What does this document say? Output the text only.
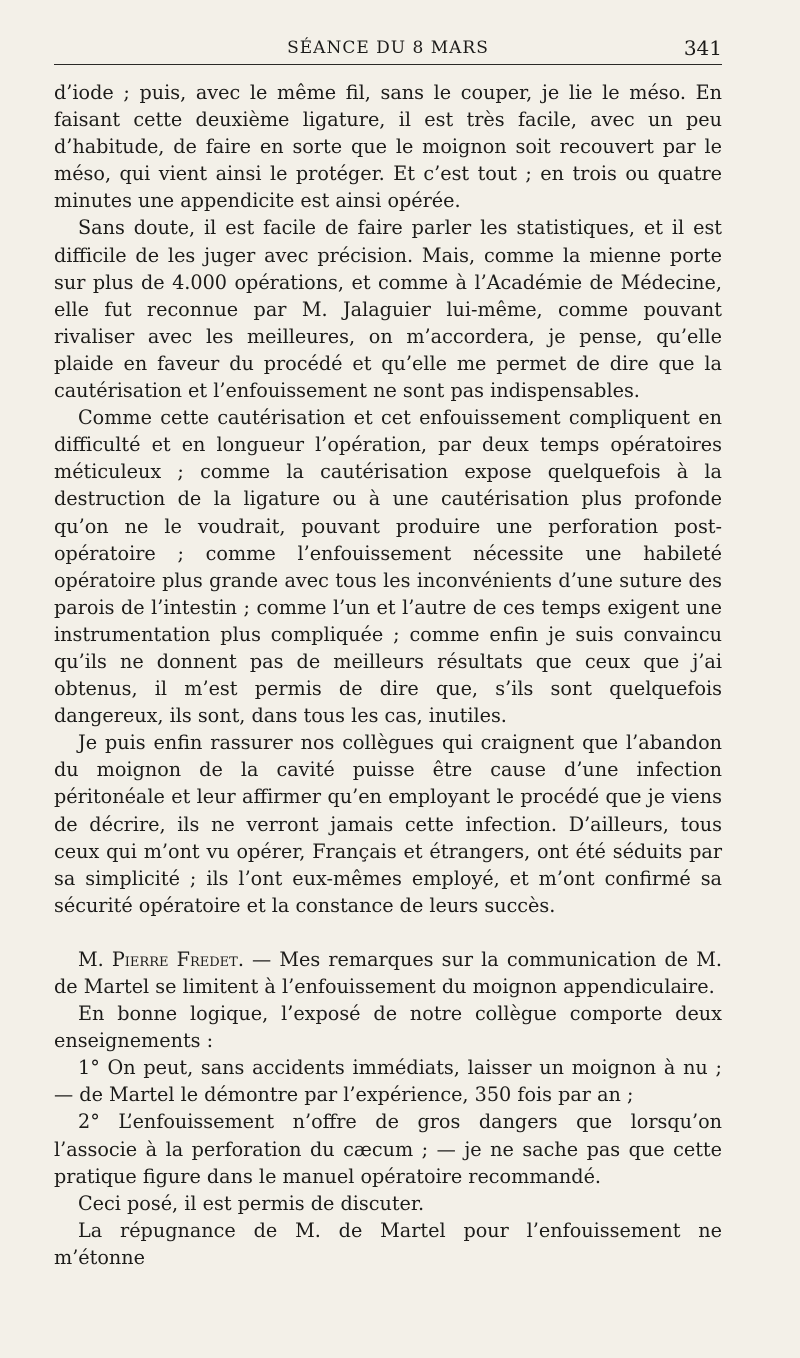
SÉANCE DU 8 MARS	341

d’iode ; puis, avec le même fil, sans le couper, je lie le méso. En faisant cette deuxième ligature, il est très facile, avec un peu d’habitude, de faire en sorte que le moignon soit recouvert par le méso, qui vient ainsi le protéger. Et c’est tout ; en trois ou quatre minutes une appendicite est ainsi opérée.

Sans doute, il est facile de faire parler les statistiques, et il est difficile de les juger avec précision. Mais, comme la mienne porte sur plus de 4.000 opérations, et comme à l’Académie de Médecine, elle fut reconnue par M. Jalaguier lui-même, comme pouvant rivaliser avec les meilleures, on m’accordera, je pense, qu’elle plaide en faveur du procédé et qu’elle me permet de dire que la cautérisation et l’enfouissement ne sont pas indispensables.

Comme cette cautérisation et cet enfouissement compliquent en difficulté et en longueur l’opération, par deux temps opératoires méticuleux ; comme la cautérisation expose quelquefois à la destruction de la ligature ou à une cautérisation plus profonde qu’on ne le voudrait, pouvant produire une perforation post-opératoire ; comme l’enfouissement nécessite une habileté opératoire plus grande avec tous les inconvénients d’une suture des parois de l’intestin ; comme l’un et l’autre de ces temps exigent une instrumentation plus compliquée ; comme enfin je suis convaincu qu’ils ne donnent pas de meilleurs résultats que ceux que j’ai obtenus, il m’est permis de dire que, s’ils sont quelquefois dangereux, ils sont, dans tous les cas, inutiles.

Je puis enfin rassurer nos collègues qui craignent que l’abandon du moignon de la cavité puisse être cause d’une infection péritonéale et leur affirmer qu’en employant le procédé que je viens de décrire, ils ne verront jamais cette infection. D’ailleurs, tous ceux qui m’ont vu opérer, Français et étrangers, ont été séduits par sa simplicité ; ils l’ont eux-mêmes employé, et m’ont confirmé sa sécurité opératoire et la constance de leurs succès.

M. Pierre Fredet. — Mes remarques sur la communication de M. de Martel se limitent à l’enfouissement du moignon appendiculaire.

En bonne logique, l’exposé de notre collègue comporte deux enseignements :

1° On peut, sans accidents immédiats, laisser un moignon à nu ; — de Martel le démontre par l’expérience, 350 fois par an ;

2° L’enfouissement n’offre de gros dangers que lorsqu’on l’associe à la perforation du cæcum ; — je ne sache pas que cette pratique figure dans le manuel opératoire recommandé.

Ceci posé, il est permis de discuter.

La répugnance de M. de Martel pour l’enfouissement ne m’étonne
